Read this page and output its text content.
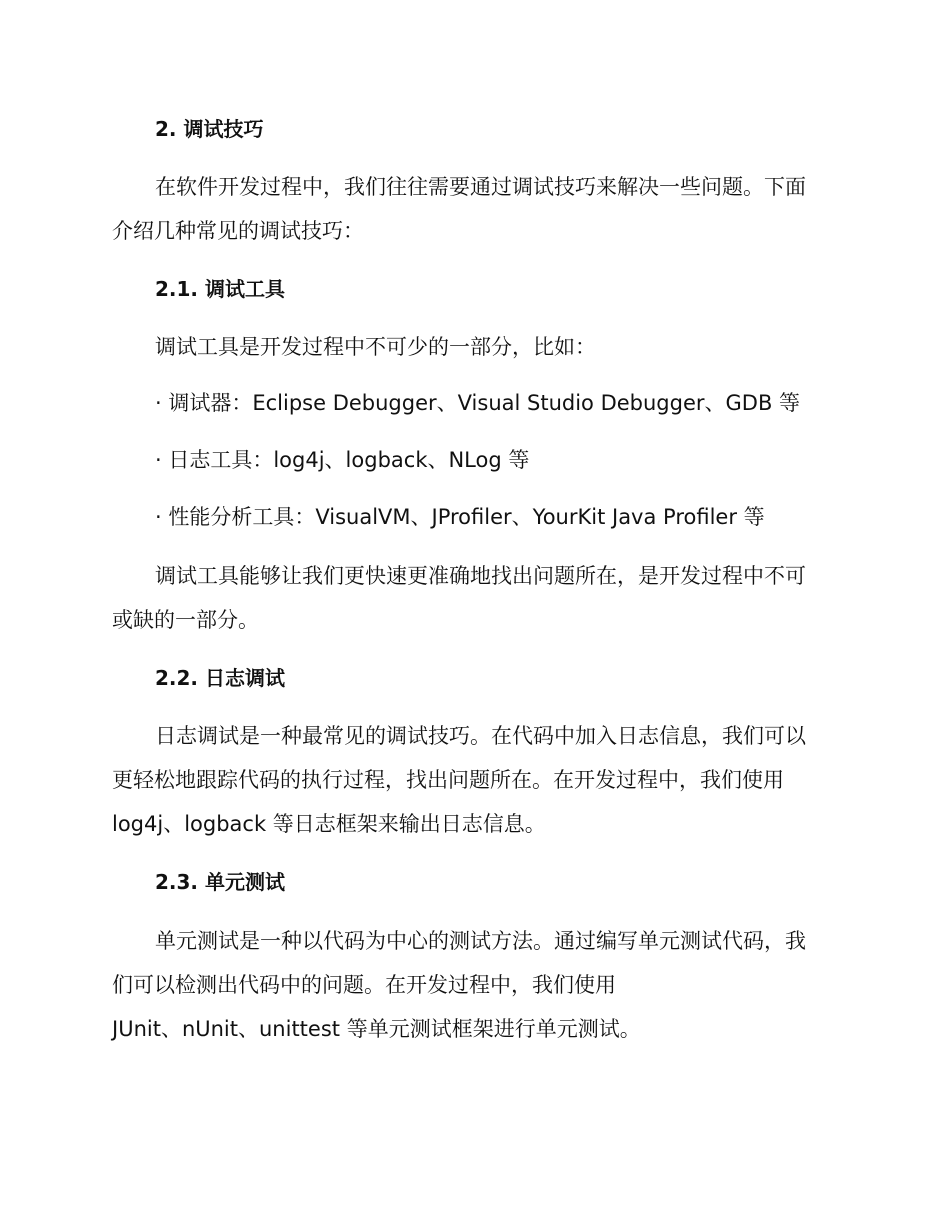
2. 调试技巧
在软件开发过程中，我们往往需要通过调试技巧来解决一些问题。下面
介绍几种常见的调试技巧：
2.1. 调试工具
调试工具是开发过程中不可少的一部分，比如：
· 调试器：Eclipse Debugger、Visual Studio Debugger、GDB 等
· 日志工具：log4j、logback、NLog 等
· 性能分析工具：VisualVM、JProfiler、YourKit Java Profiler 等
调试工具能够让我们更快速更准确地找出问题所在，是开发过程中不可
或缺的一部分。
2.2. 日志调试
日志调试是一种最常见的调试技巧。在代码中加入日志信息，我们可以
更轻松地跟踪代码的执行过程，找出问题所在。在开发过程中，我们使用
log4j、logback 等日志框架来输出日志信息。
2.3. 单元测试
单元测试是一种以代码为中心的测试方法。通过编写单元测试代码，我
们可以检测出代码中的问题。在开发过程中，我们使用
JUnit、nUnit、unittest 等单元测试框架进行单元测试。
